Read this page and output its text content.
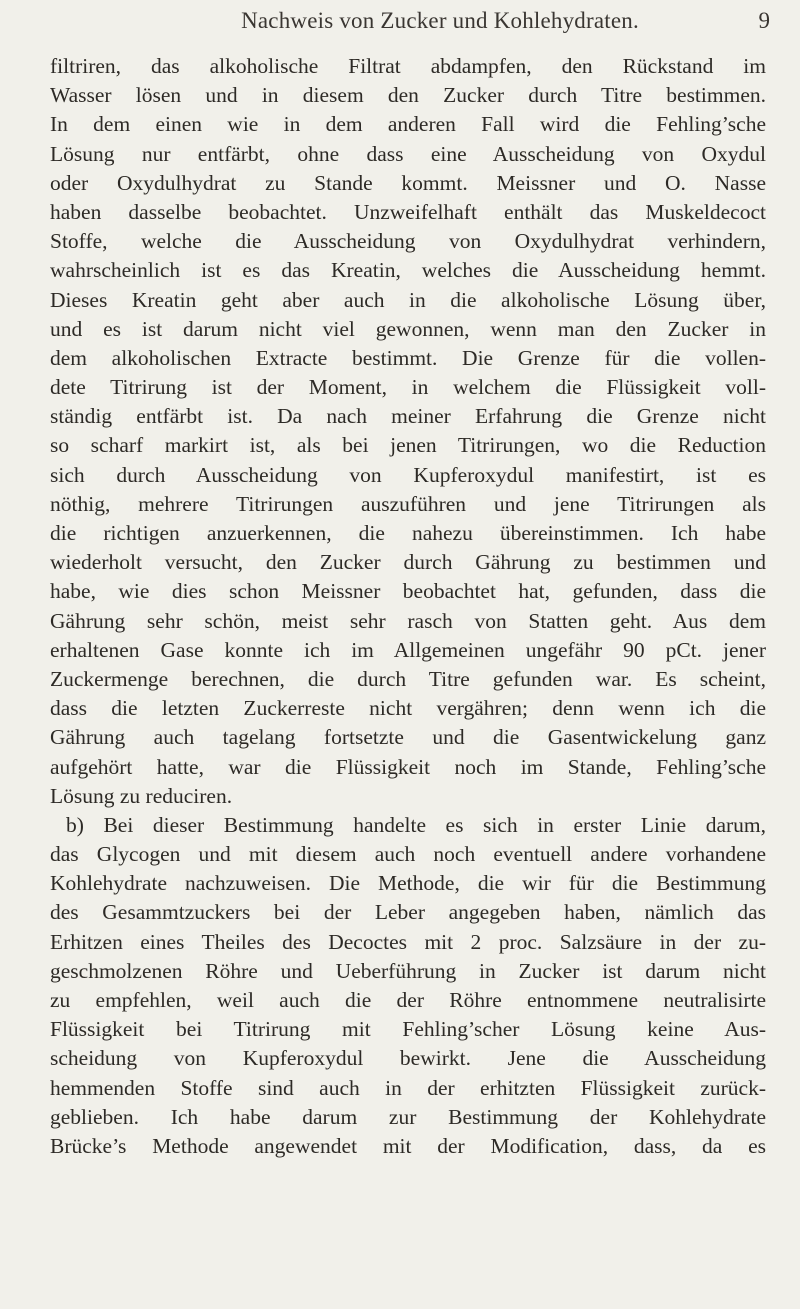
Nachweis von Zucker und Kohlehydraten.	9
filtriren, das alkoholische Filtrat abdampfen, den Rückstand im
Wasser lösen und in diesem den Zucker durch Titre bestimmen.
In dem einen wie in dem anderen Fall wird die Fehling’sche
Lösung nur entfärbt, ohne dass eine Ausscheidung von Oxydul
oder Oxydulhydrat zu Stande kommt. Meissner und O. Nasse
haben dasselbe beobachtet. Unzweifelhaft enthält das Muskeldecoct
Stoffe, welche die Ausscheidung von Oxydulhydrat verhindern,
wahrscheinlich ist es das Kreatin, welches die Ausscheidung hemmt.
Dieses Kreatin geht aber auch in die alkoholische Lösung über,
und es ist darum nicht viel gewonnen, wenn man den Zucker in
dem alkoholischen Extracte bestimmt. Die Grenze für die vollen-
dete Titrirung ist der Moment, in welchem die Flüssigkeit voll-
ständig entfärbt ist. Da nach meiner Erfahrung die Grenze nicht
so scharf markirt ist, als bei jenen Titrirungen, wo die Reduction
sich durch Ausscheidung von Kupferoxydul manifestirt, ist es
nöthig, mehrere Titrirungen auszuführen und jene Titrirungen als
die richtigen anzuerkennen, die nahezu übereinstimmen. Ich habe
wiederholt versucht, den Zucker durch Gährung zu bestimmen und
habe, wie dies schon Meissner beobachtet hat, gefunden, dass die
Gährung sehr schön, meist sehr rasch von Statten geht. Aus dem
erhaltenen Gase konnte ich im Allgemeinen ungefähr 90 pCt. jener
Zuckermenge berechnen, die durch Titre gefunden war. Es scheint,
dass die letzten Zuckerreste nicht vergähren; denn wenn ich die
Gährung auch tagelang fortsetzte und die Gasentwickelung ganz
aufgehört hatte, war die Flüssigkeit noch im Stande, Fehling’sche
Lösung zu reduciren.
b) Bei dieser Bestimmung handelte es sich in erster Linie darum,
das Glycogen und mit diesem auch noch eventuell andere vorhandene
Kohlehydrate nachzuweisen. Die Methode, die wir für die Bestimmung
des Gesammtzuckers bei der Leber angegeben haben, nämlich das
Erhitzen eines Theiles des Decoctes mit 2 proc. Salzsäure in der zu-
geschmolzenen Röhre und Ueberführung in Zucker ist darum nicht
zu empfehlen, weil auch die der Röhre entnommene neutralisirte
Flüssigkeit bei Titrirung mit Fehling’scher Lösung keine Aus-
scheidung von Kupferoxydul bewirkt. Jene die Ausscheidung
hemmenden Stoffe sind auch in der erhitzten Flüssigkeit zurück-
geblieben. Ich habe darum zur Bestimmung der Kohlehydrate
Brücke’s Methode angewendet mit der Modification, dass, da es
